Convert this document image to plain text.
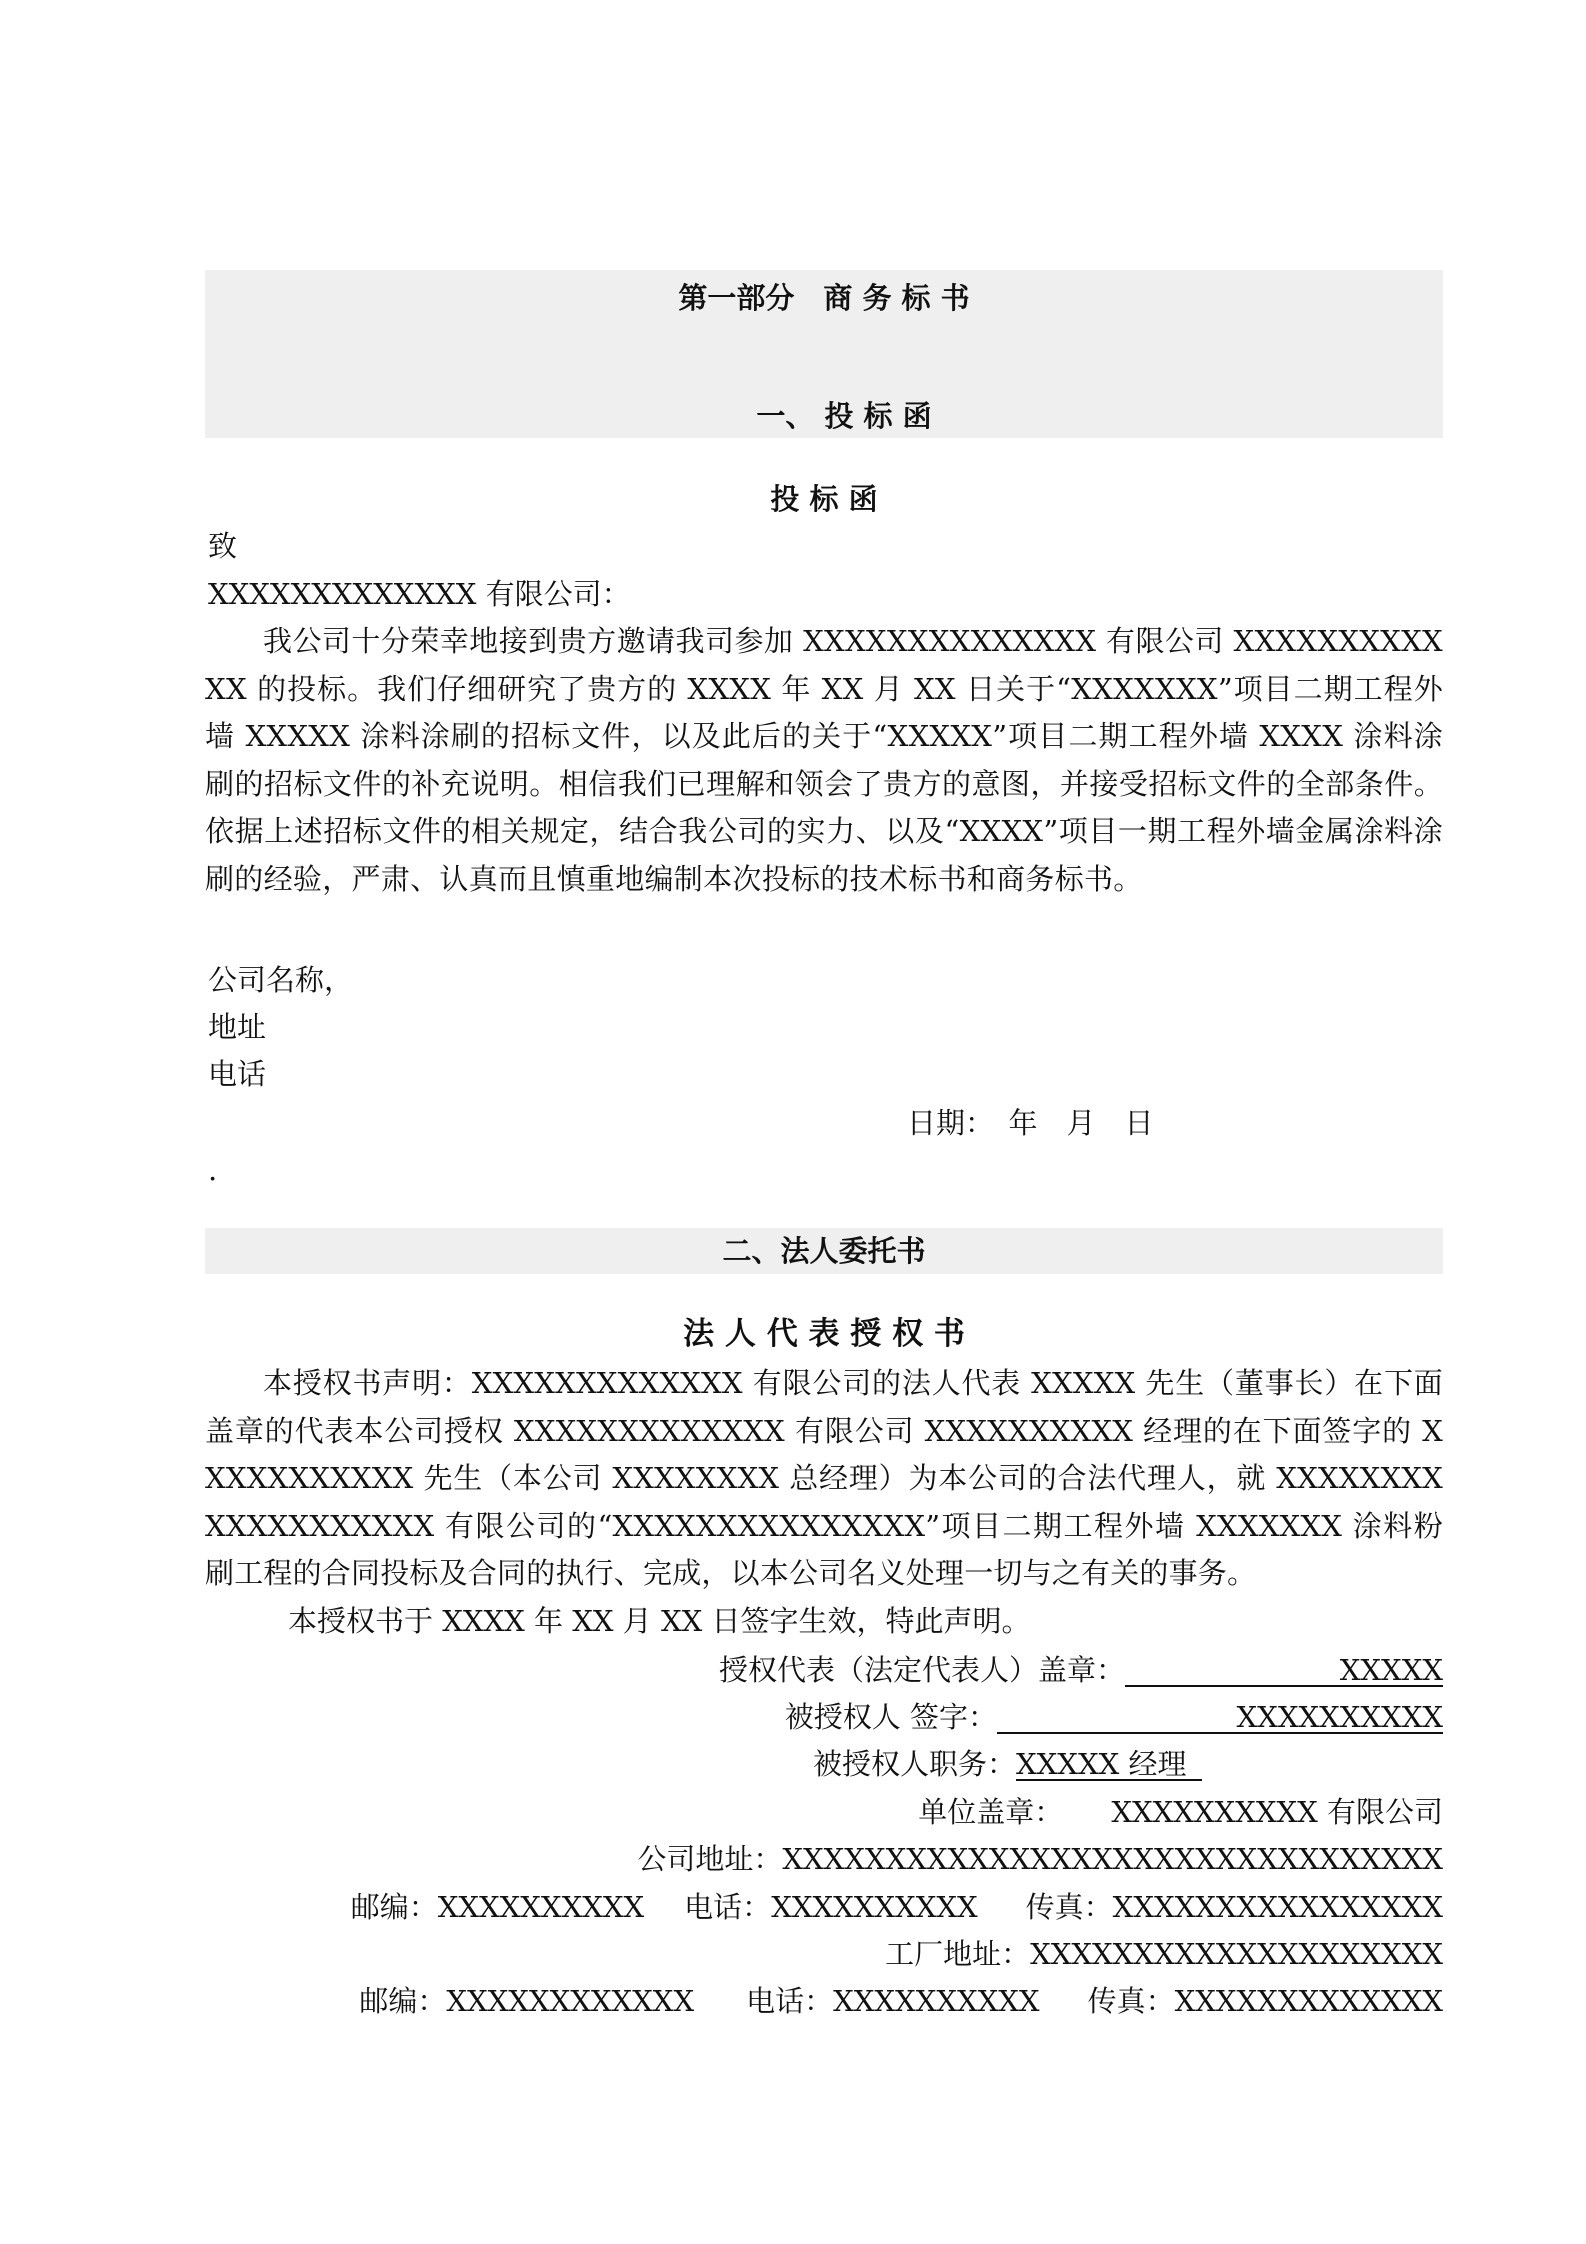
第一部分　商 务 标 书
一、 投 标 函
投 标 函
致
XXXXXXXXXXXXX 有限公司：
我公司十分荣幸地接到贵方邀请我司参加 XXXXXXXXXXXXXX 有限公司 XXXXXXXXXXXX 的投标。我们仔细研究了贵方的 XXXX 年 XX 月 XX 日关于“XXXXXXX”项目二期工程外墙 XXXXX 涂料涂刷的招标文件，以及此后的关于“XXXXX”项目二期工程外墙 XXXX 涂料涂刷的招标文件的补充说明。相信我们已理解和领会了贵方的意图，并接受招标文件的全部条件。依据上述招标文件的相关规定，结合我公司的实力、以及“XXXX”项目一期工程外墙金属涂料涂刷的经验，严肃、认真而且慎重地编制本次投标的技术标书和商务标书。
公司名称，
地址
电话
日期：　年　月　日
.
二、法人委托书
法 人 代 表 授 权 书
本授权书声明：XXXXXXXXXXXXX 有限公司的法人代表 XXXXX 先生（董事长）在下面盖章的代表本公司授权 XXXXXXXXXXXXX 有限公司 XXXXXXXXXX 经理的在下面签字的 XXXXXXXXXXX 先生（本公司 XXXXXXXX 总经理）为本公司的合法代理人，就 XXXXXXXXXXXXXXXXXXX 有限公司的“XXXXXXXXXXXXXXX”项目二期工程外墙 XXXXXXX 涂料粉刷工程的合同投标及合同的执行、完成，以本公司名义处理一切与之有关的事务。
本授权书于 XXXX 年 XX 月 XX 日签字生效，特此声明。
授权代表（法定代表人）盖章：	XXXXX
被授权人 签字：	XXXXXXXXXX
被授权人职务：XXXXX 经理
单位盖章： XXXXXXXXXX 有限公司
公司地址：XXXXXXXXXXXXXXXXXXXXXXXXXXXXXXXX
邮编：XXXXXXXXXX 电话：XXXXXXXXXX 传真：XXXXXXXXXXXXXXXX
工厂地址：XXXXXXXXXXXXXXXXXXXX
邮编：XXXXXXXXXXXX 电话：XXXXXXXXXX 传真：XXXXXXXXXXXXX
